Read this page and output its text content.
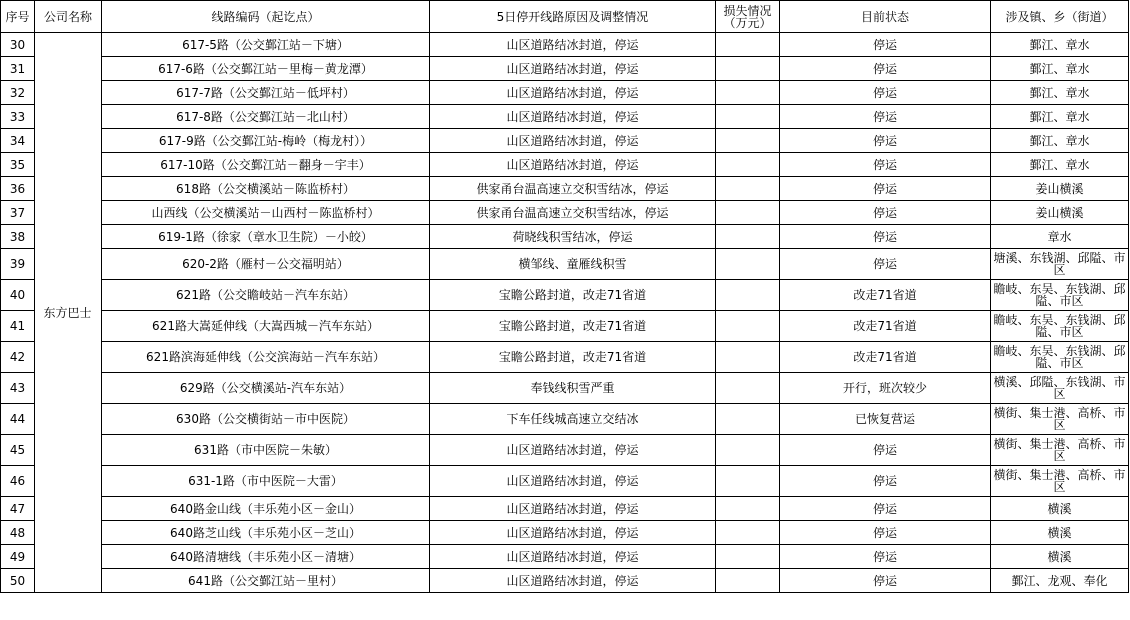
序号	公司名称	线路编码（起讫点）	5日停开线路原因及调整情况	损失情况（万元）	目前状态	涉及镇、乡（街道）
30	东方巴士	617-5路（公交鄞江站－下塘）	山区道路结冰封道，停运		停运	鄞江、章水
31		617-6路（公交鄞江站－里梅－黄龙潭）	山区道路结冰封道，停运		停运	鄞江、章水
32		617-7路（公交鄞江站－低坪村）	山区道路结冰封道，停运		停运	鄞江、章水
33		617-8路（公交鄞江站－北山村）	山区道路结冰封道，停运		停运	鄞江、章水
34		617-9路（公交鄞江站-梅岭（梅龙村））	山区道路结冰封道，停运		停运	鄞江、章水
35		617-10路（公交鄞江站－翻身－宇丰）	山区道路结冰封道，停运		停运	鄞江、章水
36		618路（公交横溪站－陈监桥村）	供家甬台温高速立交积雪结冰，停运		停运	姜山横溪
37		山西线（公交横溪站－山西村－陈监桥村）	供家甬台温高速立交积雪结冰，停运		停运	姜山横溪
38		619-1路（徐家（章水卫生院）－小皎）	荷晓线积雪结冰，停运		停运	章水
39		620-2路（雁村－公交福明站）	横邹线、童雁线积雪		停运	塘溪、东钱湖、邱隘、市区
40		621路（公交瞻岐站－汽车东站）	宝瞻公路封道，改走71省道		改走71省道	瞻岐、东吴、东钱湖、邱隘、市区
41		621路大嵩延伸线（大嵩西城－汽车东站）	宝瞻公路封道，改走71省道		改走71省道	瞻岐、东吴、东钱湖、邱隘、市区
42		621路滨海延伸线（公交滨海站－汽车东站）	宝瞻公路封道，改走71省道		改走71省道	瞻岐、东吴、东钱湖、邱隘、市区
43		629路（公交横溪站-汽车东站）	奉钱线积雪严重		开行，班次较少	横溪、邱隘、东钱湖、市区
44		630路（公交横街站－市中医院）	下车任线城高速立交结冰		已恢复营运	横街、集士港、高桥、市区
45		631路（市中医院－朱敏）	山区道路结冰封道，停运		停运	横街、集士港、高桥、市区
46		631-1路（市中医院－大雷）	山区道路结冰封道，停运		停运	横街、集士港、高桥、市区
47		640路金山线（丰乐苑小区－金山）	山区道路结冰封道，停运		停运	横溪
48		640路芝山线（丰乐苑小区－芝山）	山区道路结冰封道，停运		停运	横溪
49		640路清塘线（丰乐苑小区－清塘）	山区道路结冰封道，停运		停运	横溪
50		641路（公交鄞江站－里村）	山区道路结冰封道，停运		停运	鄞江、龙观、奉化
